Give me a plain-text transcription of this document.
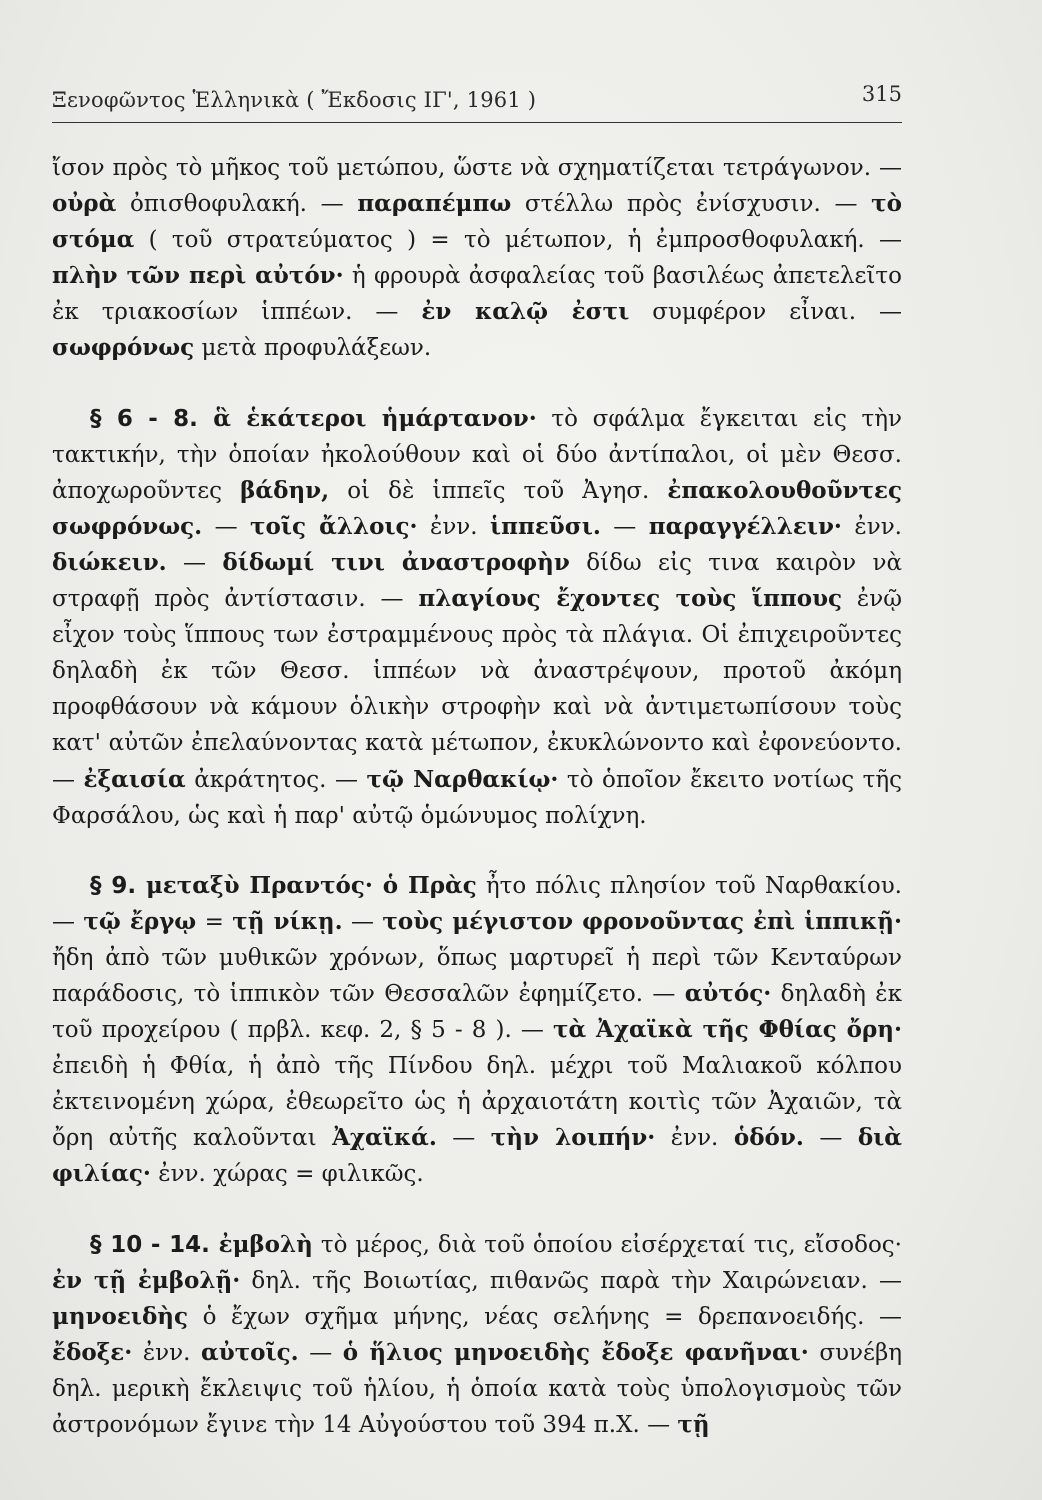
Ξενοφῶντος Ἑλληνικὰ ( Ἔκδοσις ΙΓ', 1961 )	315

ἴσον πρὸς τὸ μῆκος τοῦ μετώπου, ὥστε νὰ σχηματίζεται τετράγωνον. — οὐρὰ ὀπισθοφυλακή. — παραπέμπω στέλλω πρὸς ἐνίσχυσιν. — τὸ στόμα ( τοῦ στρατεύματος ) = τὸ μέτωπον, ἡ ἐμπροσθοφυλακή. — πλὴν τῶν περὶ αὐτόν· ἡ φρουρὰ ἀσφαλείας τοῦ βασιλέως ἀπετελεῖτο ἐκ τριακοσίων ἱππέων. — ἐν καλῷ ἐστι συμφέρον εἶναι. — σωφρόνως μετὰ προφυλάξεων.

§ 6 - 8. ἃ ἑκάτεροι ἡμάρτανον· τὸ σφάλμα ἔγκειται εἰς τὴν τακτικήν, τὴν ὁποίαν ἠκολούθουν καὶ οἱ δύο ἀντίπαλοι, οἱ μὲν Θεσσ. ἀποχωροῦντες βάδην, οἱ δὲ ἱππεῖς τοῦ Ἀγησ. ἐπακολουθοῦντες σωφρόνως. — τοῖς ἄλλοις· ἐνν. ἱππεῦσι. — παραγγέλλειν· ἐνν. διώκειν. — δίδωμί τινι ἀναστροφὴν δίδω εἰς τινα καιρὸν νὰ στραφῇ πρὸς ἀντίστασιν. — πλαγίους ἔχοντες τοὺς ἵππους ἐνῷ εἶχον τοὺς ἵππους των ἐστραμμένους πρὸς τὰ πλάγια. Οἱ ἐπιχειροῦντες δηλαδὴ ἐκ τῶν Θεσσ. ἱππέων νὰ ἀναστρέψουν, προτοῦ ἀκόμη προφθάσουν νὰ κάμουν ὁλικὴν στροφὴν καὶ νὰ ἀντιμετωπίσουν τοὺς κατ' αὐτῶν ἐπελαύνοντας κατὰ μέτωπον, ἐκυκλώνοντο καὶ ἐφονεύοντο. — ἐξαισία ἀκράτητος. — τῷ Ναρθακίῳ· τὸ ὁποῖον ἔκειτο νοτίως τῆς Φαρσάλου, ὡς καὶ ἡ παρ' αὐτῷ ὁμώνυμος πολίχνη.

§ 9. μεταξὺ Πραντός· ὁ Πρὰς ἦτο πόλις πλησίον τοῦ Ναρθακίου. — τῷ ἔργῳ = τῇ νίκῃ. — τοὺς μέγιστον φρονοῦντας ἐπὶ ἱππικῇ· ἤδη ἀπὸ τῶν μυθικῶν χρόνων, ὅπως μαρτυρεῖ ἡ περὶ τῶν Κενταύρων παράδοσις, τὸ ἱππικὸν τῶν Θεσσαλῶν ἐφημίζετο. — αὐτός· δηλαδὴ ἐκ τοῦ προχείρου ( πρβλ. κεφ. 2, § 5 - 8 ). — τὰ Ἀχαϊκὰ τῆς Φθίας ὄρη· ἐπειδὴ ἡ Φθία, ἡ ἀπὸ τῆς Πίνδου δηλ. μέχρι τοῦ Μαλιακοῦ κόλπου ἐκτεινομένη χώρα, ἐθεωρεῖτο ὡς ἡ ἀρχαιοτάτη κοιτὶς τῶν Ἀχαιῶν, τὰ ὄρη αὐτῆς καλοῦνται Ἀχαϊκά. — τὴν λοιπήν· ἐνν. ὁδόν. — διὰ φιλίας· ἐνν. χώρας = φιλικῶς.

§ 10 - 14. ἐμβολὴ τὸ μέρος, διὰ τοῦ ὁποίου εἰσέρχεταί τις, εἴσοδος· ἐν τῇ ἐμβολῇ· δηλ. τῆς Βοιωτίας, πιθανῶς παρὰ τὴν Χαιρώνειαν. — μηνοειδὴς ὁ ἔχων σχῆμα μήνης, νέας σελήνης = δρεπανοειδής. — ἔδοξε· ἐνν. αὐτοῖς. — ὁ ἥλιος μηνοειδὴς ἔδοξε φανῆναι· συνέβη δηλ. μερικὴ ἔκλειψις τοῦ ἡλίου, ἡ ὁποία κατὰ τοὺς ὑπολογισμοὺς τῶν ἀστρονόμων ἔγινε τὴν 14 Αὐγούστου τοῦ 394 π.Χ. — τῇ
